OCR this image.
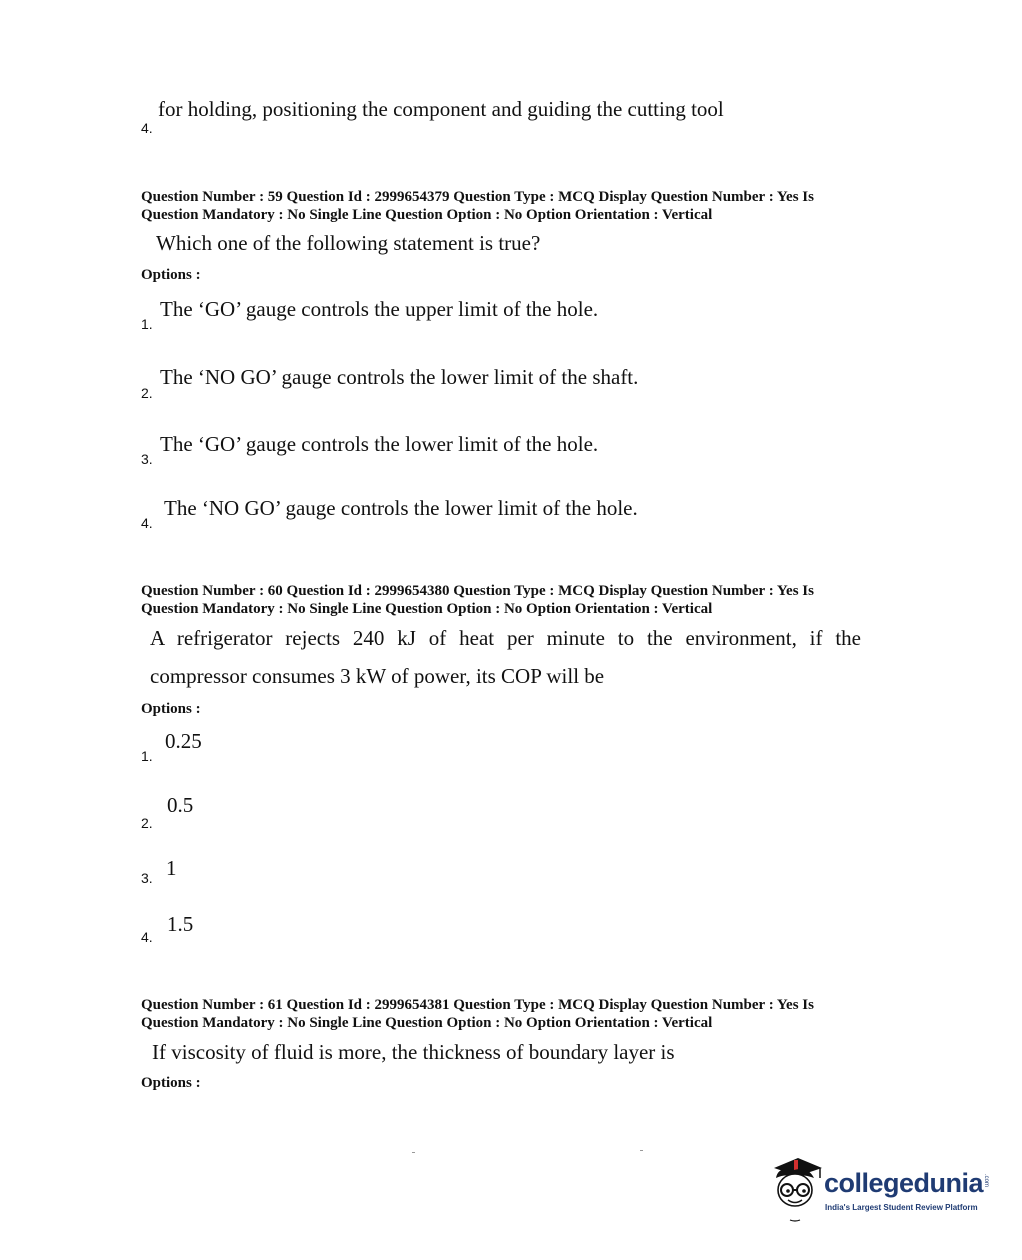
for holding, positioning the component and guiding the cutting tool
4.
Question Number : 59 Question Id : 2999654379 Question Type : MCQ Display Question Number : Yes Is
Question Mandatory : No Single Line Question Option : No Option Orientation : Vertical
Which one of the following statement is true?
Options :
The ‘GO’ gauge controls the upper limit of the hole.
1.
The ‘NO GO’ gauge controls the lower limit of the shaft.
2.
The ‘GO’ gauge controls the lower limit of the hole.
3.
The ‘NO GO’ gauge controls the lower limit of the hole.
4.
Question Number : 60 Question Id : 2999654380 Question Type : MCQ Display Question Number : Yes Is
Question Mandatory : No Single Line Question Option : No Option Orientation : Vertical
A refrigerator rejects 240 kJ of heat per minute to the environment, if the
compressor consumes 3 kW of power, its COP will be
Options :
0.25
1.
0.5
2.
1
3.
1.5
4.
Question Number : 61 Question Id : 2999654381 Question Type : MCQ Display Question Number : Yes Is
Question Mandatory : No Single Line Question Option : No Option Orientation : Vertical
If viscosity of fluid is more, the thickness of boundary layer is
Options :
collegedunia .com
India's Largest Student Review Platform
